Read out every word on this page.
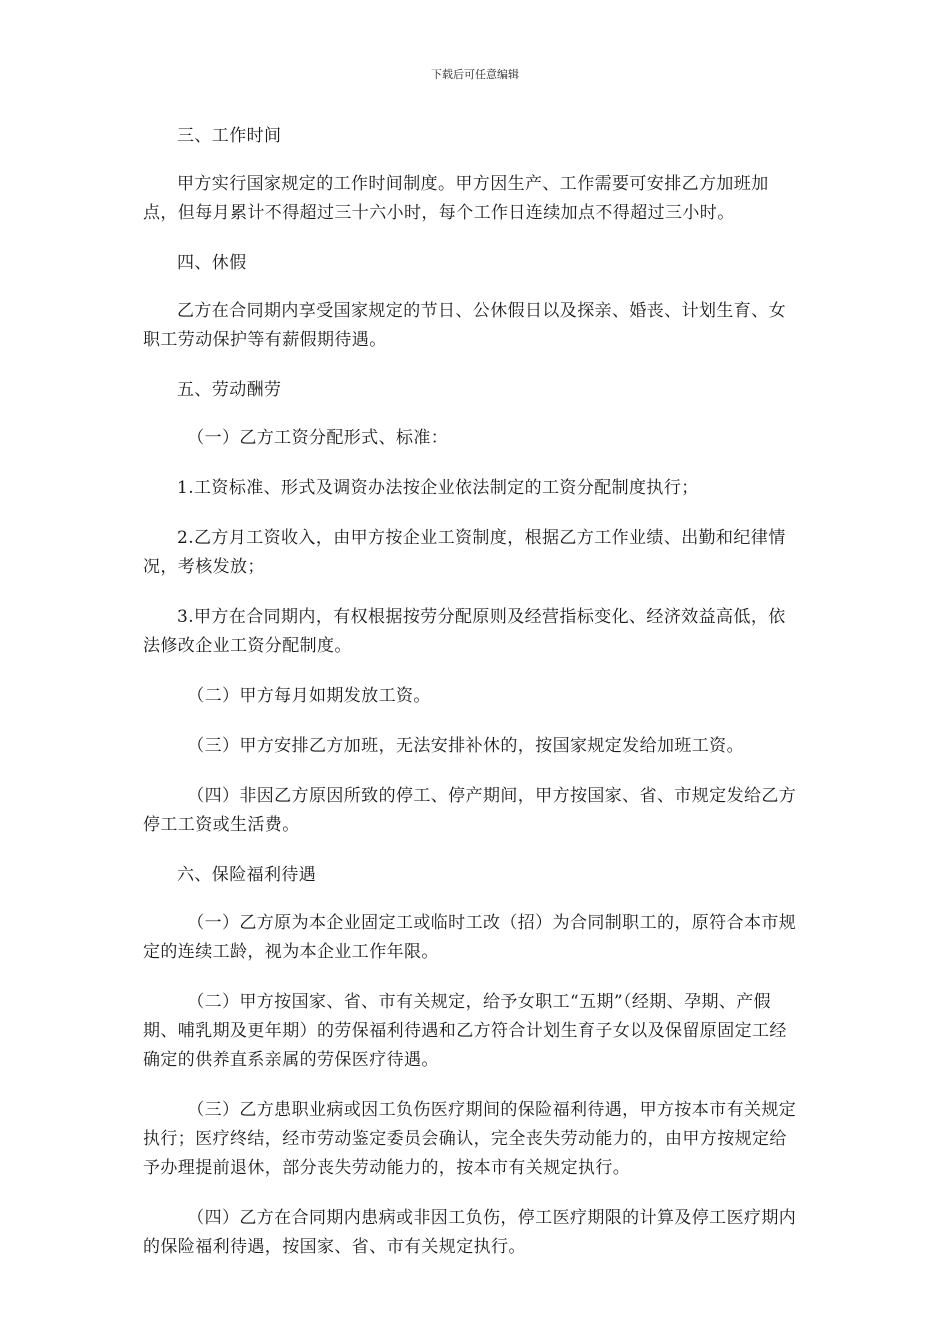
下载后可任意编辑

三、工作时间

甲方实行国家规定的工作时间制度。甲方因生产、工作需要可安排乙方加班加点，但每月累计不得超过三十六小时，每个工作日连续加点不得超过三小时。

四、休假

乙方在合同期内享受国家规定的节日、公休假日以及探亲、婚丧、计划生育、女职工劳动保护等有薪假期待遇。

五、劳动酬劳

（一）乙方工资分配形式、标准：

1.工资标准、形式及调资办法按企业依法制定的工资分配制度执行；

2.乙方月工资收入，由甲方按企业工资制度，根据乙方工作业绩、出勤和纪律情况，考核发放；

3.甲方在合同期内，有权根据按劳分配原则及经营指标变化、经济效益高低，依法修改企业工资分配制度。

（二）甲方每月如期发放工资。

（三）甲方安排乙方加班，无法安排补休的，按国家规定发给加班工资。

（四）非因乙方原因所致的停工、停产期间，甲方按国家、省、市规定发给乙方停工工资或生活费。

六、保险福利待遇

（一）乙方原为本企业固定工或临时工改（招）为合同制职工的，原符合本市规定的连续工龄，视为本企业工作年限。

（二）甲方按国家、省、市有关规定，给予女职工“五期”（经期、孕期、产假期、哺乳期及更年期）的劳保福利待遇和乙方符合计划生育子女以及保留原固定工经确定的供养直系亲属的劳保医疗待遇。

（三）乙方患职业病或因工负伤医疗期间的保险福利待遇，甲方按本市有关规定执行；医疗终结，经市劳动鉴定委员会确认，完全丧失劳动能力的，由甲方按规定给予办理提前退休，部分丧失劳动能力的，按本市有关规定执行。

（四）乙方在合同期内患病或非因工负伤，停工医疗期限的计算及停工医疗期内的保险福利待遇，按国家、省、市有关规定执行。
